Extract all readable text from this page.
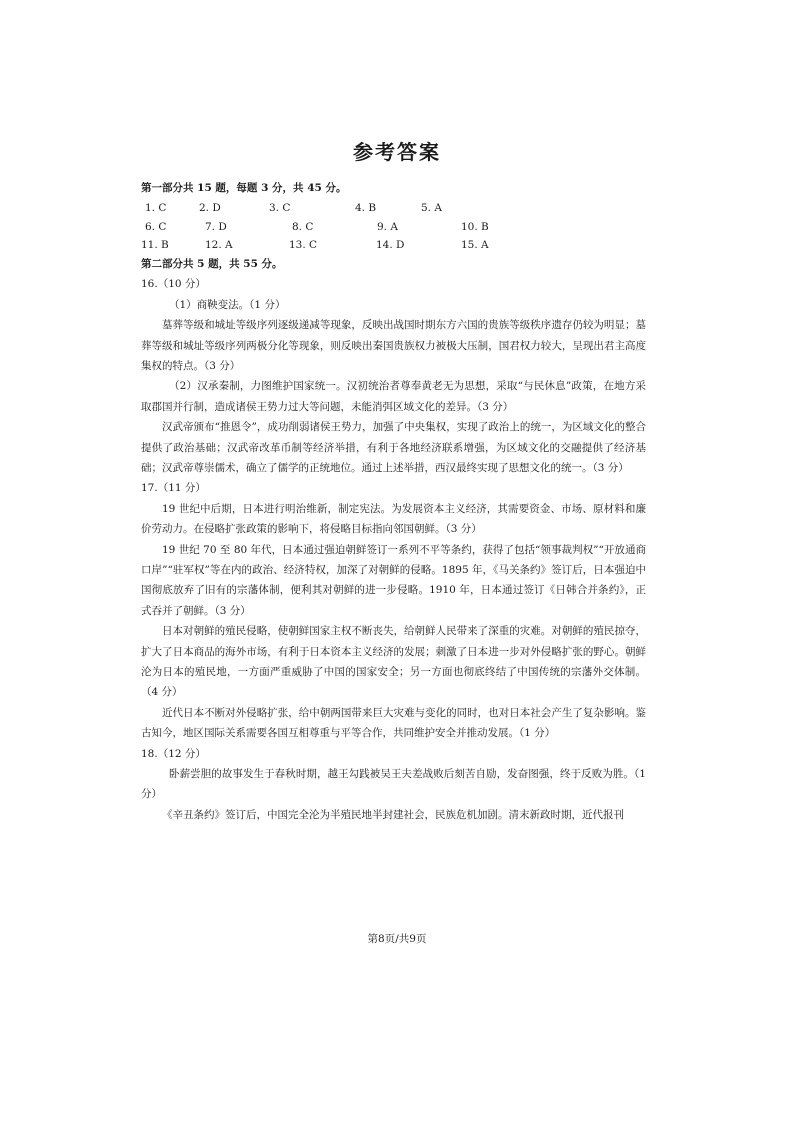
参考答案
第一部分共 15 题，每题 3 分，共 45 分。
1. C	2. D	3. C	4. B	5. A
6. C	7. D	8. C	9. A	10. B
11. B	12. A	13. C	14. D	15. A
第二部分共 5 题，共 55 分。
16.（10 分）

（1）商鞅变法。（1 分）

墓葬等级和城址等级序列逐级递减等现象，反映出战国时期东方六国的贵族等级秩序遗存仍较为明显；墓葬等级和城址等级序列两极分化等现象，则反映出秦国贵族权力被极大压制，国君权力较大，呈现出君主高度集权的特点。（3 分）

（2）汉承秦制，力图维护国家统一。汉初统治者尊奉黄老无为思想，采取“与民休息”政策，在地方采取郡国并行制，造成诸侯王势力过大等问题，未能消弭区域文化的差异。（3 分）

汉武帝颁布“推恩令”，成功削弱诸侯王势力，加强了中央集权，实现了政治上的统一，为区域文化的整合提供了政治基础；汉武帝改革币制等经济举措，有利于各地经济联系增强，为区域文化的交融提供了经济基础；汉武帝尊崇儒术，确立了儒学的正统地位。通过上述举措，西汉最终实现了思想文化的统一。（3 分）

17.（11 分）

19 世纪中后期，日本进行明治维新，制定宪法。为发展资本主义经济，其需要资金、市场、原材料和廉价劳动力。在侵略扩张政策的影响下，将侵略目标指向邻国朝鲜。（3 分）

19 世纪 70 至 80 年代，日本通过强迫朝鲜签订一系列不平等条约，获得了包括“领事裁判权”“开放通商口岸”“驻军权”等在内的政治、经济特权，加深了对朝鲜的侵略。1895 年，《马关条约》签订后，日本强迫中国彻底放弃了旧有的宗藩体制，便利其对朝鲜的进一步侵略。1910 年，日本通过签订《日韩合并条约》，正式吞并了朝鲜。（3 分）

日本对朝鲜的殖民侵略，使朝鲜国家主权不断丧失，给朝鲜人民带来了深重的灾难。对朝鲜的殖民掠夺，扩大了日本商品的海外市场，有利于日本资本主义经济的发展；刺激了日本进一步对外侵略扩张的野心。朝鲜沦为日本的殖民地，一方面严重威胁了中国的国家安全；另一方面也彻底终结了中国传统的宗藩外交体制。（4 分）

近代日本不断对外侵略扩张，给中朝两国带来巨大灾难与变化的同时，也对日本社会产生了复杂影响。鉴古知今，地区国际关系需要各国互相尊重与平等合作，共同维护安全并推动发展。（1 分）

18.（12 分）

卧薪尝胆的故事发生于春秋时期，越王勾践被吴王夫差战败后刻苦自励，发奋图强，终于反败为胜。（1 分）

《辛丑条约》签订后，中国完全沦为半殖民地半封建社会，民族危机加剧。清末新政时期，近代报刊

第8页/共9页
